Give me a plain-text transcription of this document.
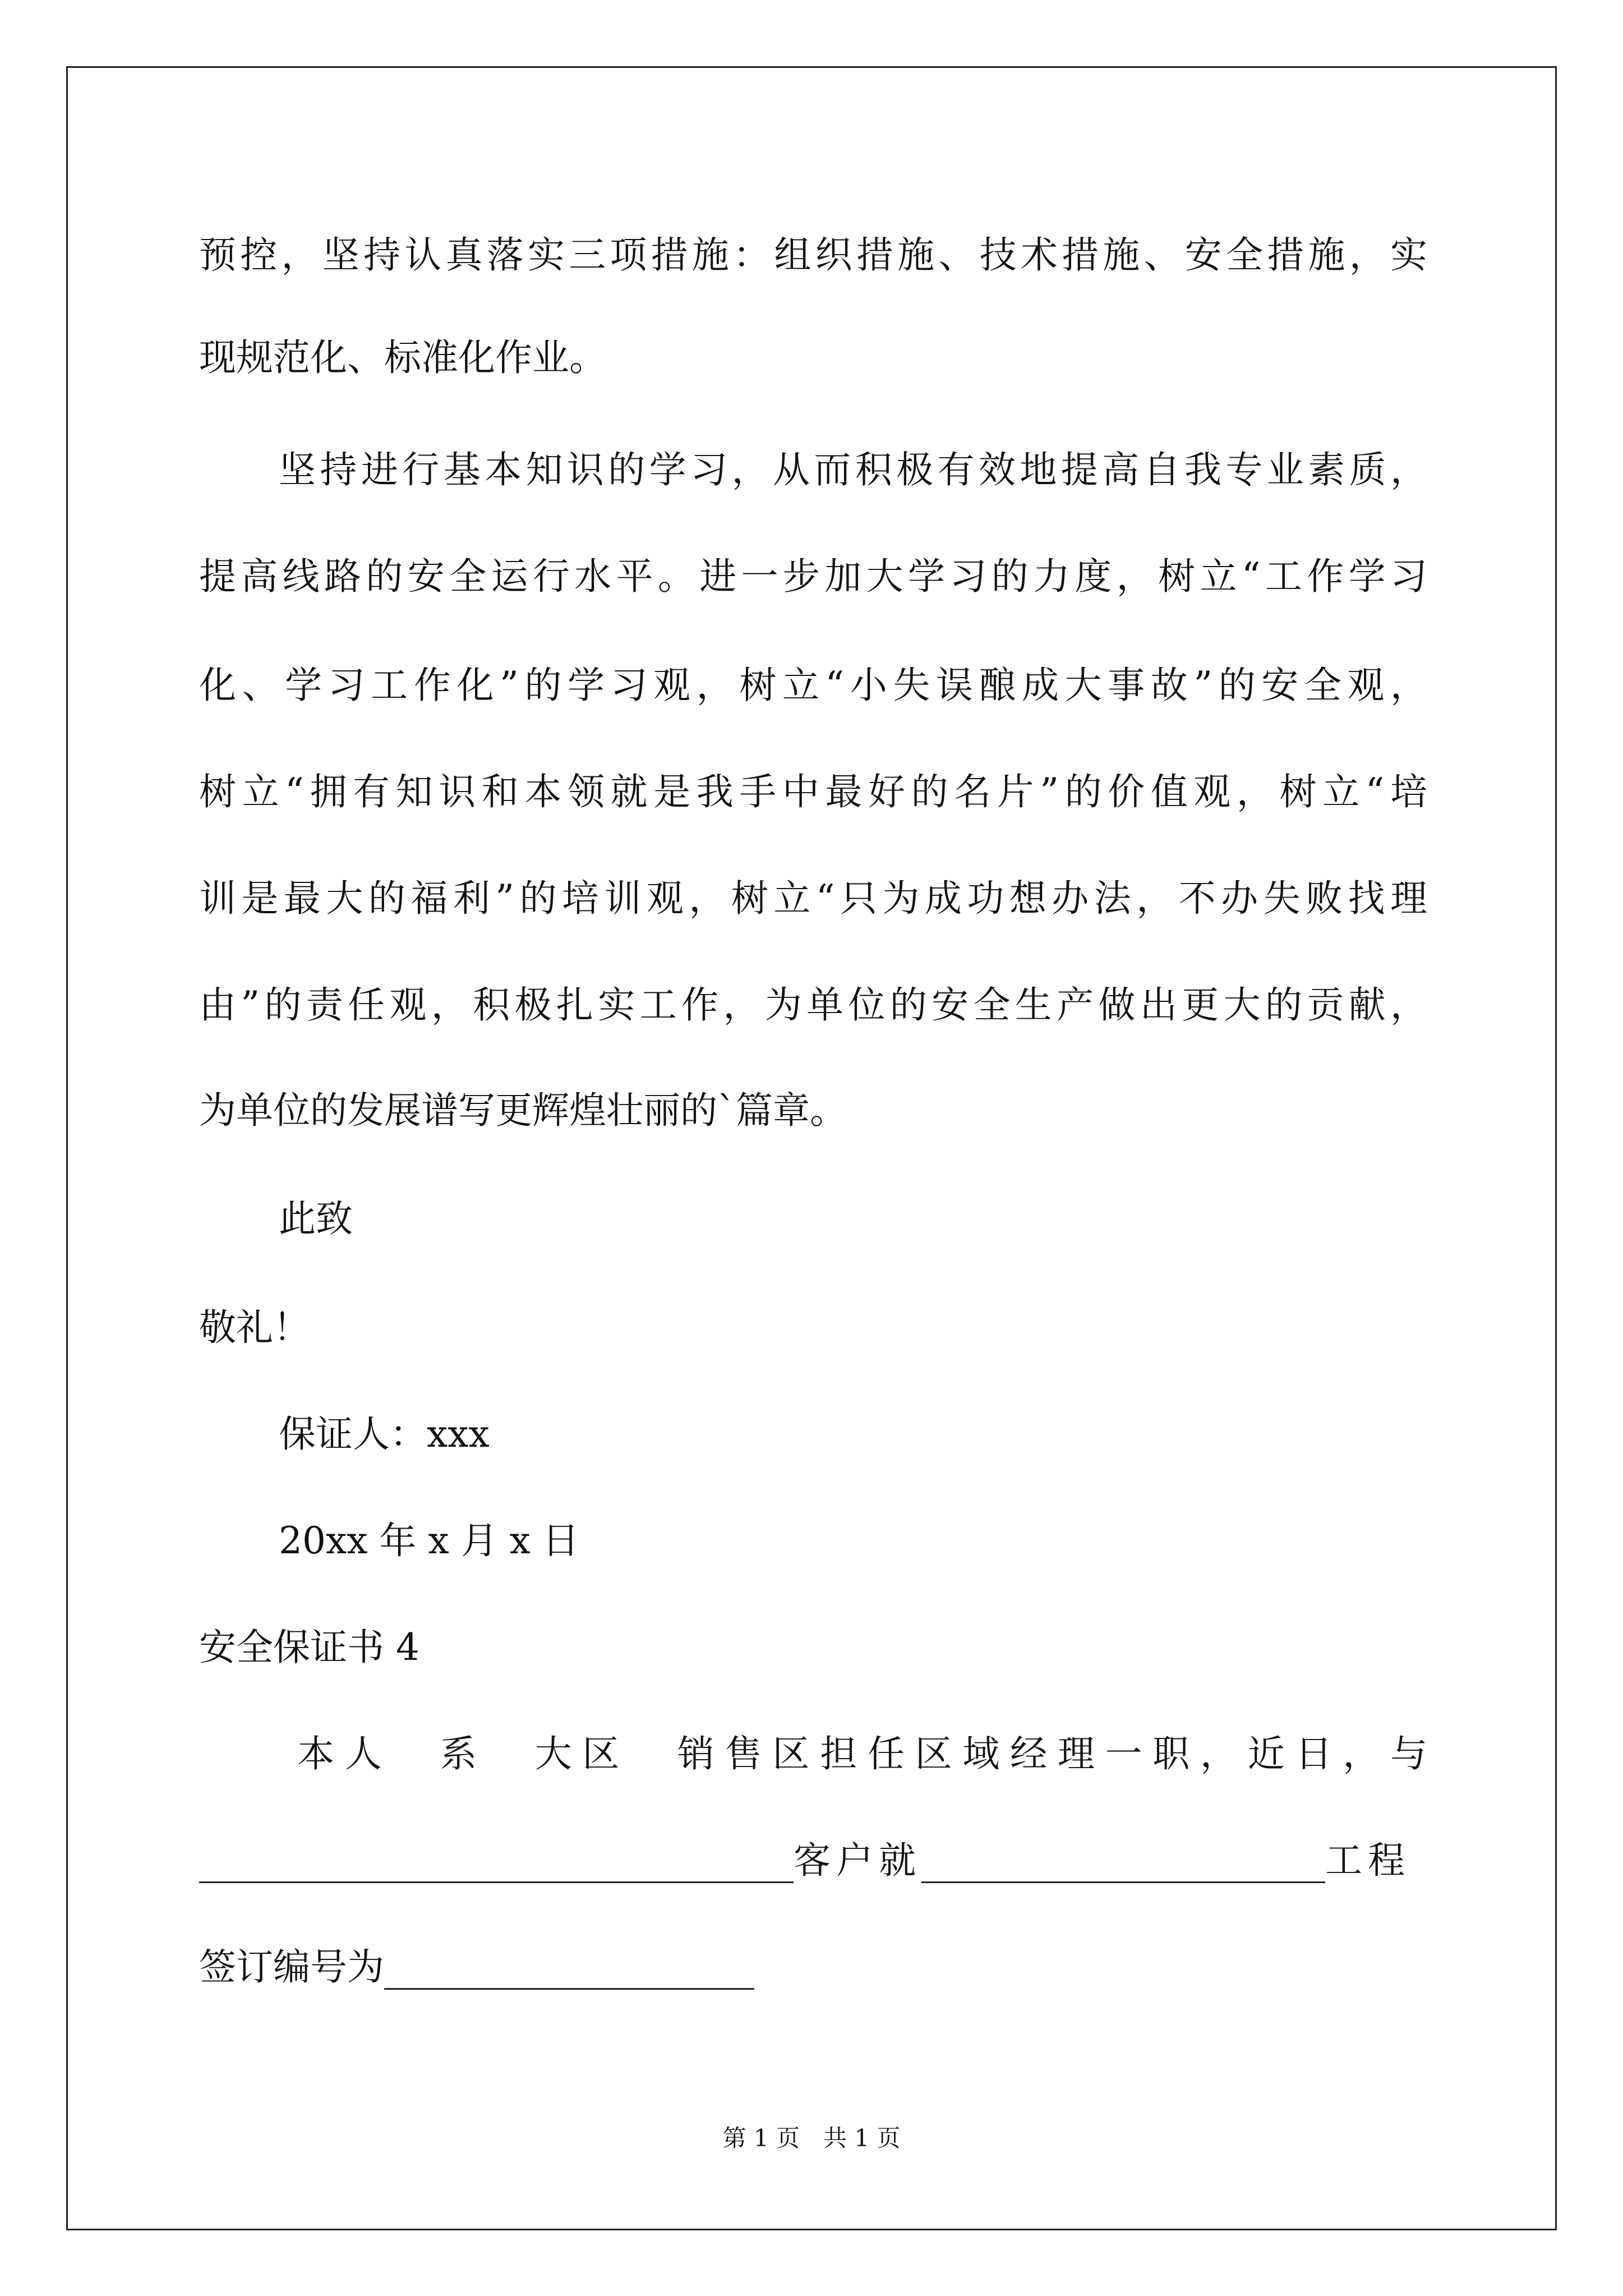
预控，坚持认真落实三项措施：组织措施、技术措施、安全措施，实
现规范化、标准化作业。
坚持进行基本知识的学习，从而积极有效地提高自我专业素质，
提高线路的安全运行水平。进一步加大学习的力度，树立“工作学习
化、学习工作化”的学习观，树立“小失误酿成大事故”的安全观，
树立“拥有知识和本领就是我手中最好的名片”的价值观，树立“培
训是最大的福利”的培训观，树立“只为成功想办法，不办失败找理
由”的责任观，积极扎实工作，为单位的安全生产做出更大的贡献，
为单位的发展谱写更辉煌壮丽的`篇章。
此致
敬礼！
保证人：xxx
20xx 年 x 月 x 日
安全保证书 4
本人　系　大区　销售区担任区域经理一职，近日，与
客户就	工程
签订编号为
第 1 页　共 1 页
